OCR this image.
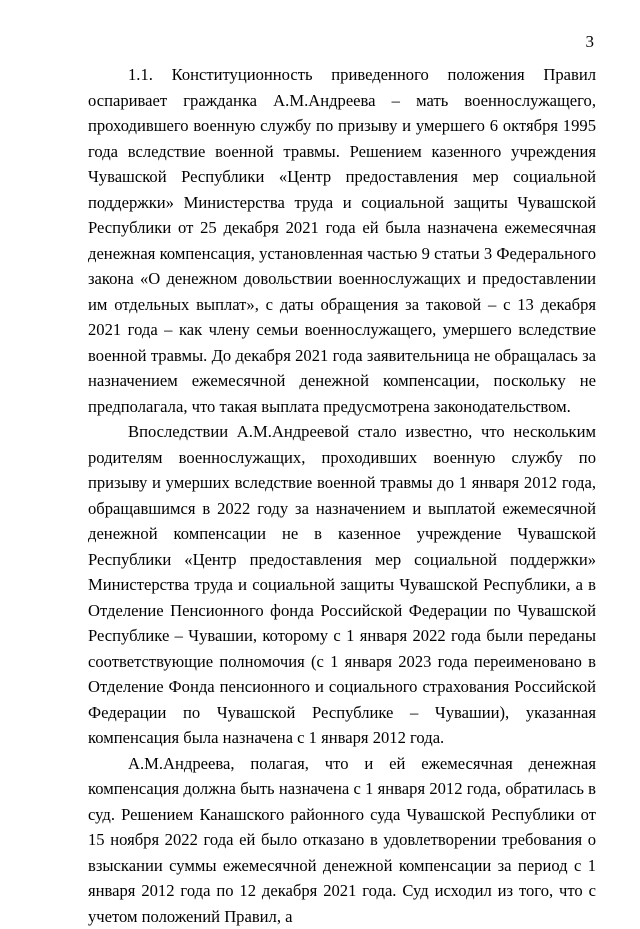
3

1.1. Конституционность приведенного положения Правил оспаривает гражданка А.М.Андреева – мать военнослужащего, проходившего военную службу по призыву и умершего 6 октября 1995 года вследствие военной травмы. Решением казенного учреждения Чувашской Республики «Центр предоставления мер социальной поддержки» Министерства труда и социальной защиты Чувашской Республики от 25 декабря 2021 года ей была назначена ежемесячная денежная компенсация, установленная частью 9 статьи 3 Федерального закона «О денежном довольствии военнослужащих и предоставлении им отдельных выплат», с даты обращения за таковой – с 13 декабря 2021 года – как члену семьи военнослужащего, умершего вследствие военной травмы. До декабря 2021 года заявительница не обращалась за назначением ежемесячной денежной компенсации, поскольку не предполагала, что такая выплата предусмотрена законодательством.

Впоследствии А.М.Андреевой стало известно, что нескольким родителям военнослужащих, проходивших военную службу по призыву и умерших вследствие военной травмы до 1 января 2012 года, обращавшимся в 2022 году за назначением и выплатой ежемесячной денежной компенсации не в казенное учреждение Чувашской Республики «Центр предоставления мер социальной поддержки» Министерства труда и социальной защиты Чувашской Республики, а в Отделение Пенсионного фонда Российской Федерации по Чувашской Республике – Чувашии, которому с 1 января 2022 года были переданы соответствующие полномочия (с 1 января 2023 года переименовано в Отделение Фонда пенсионного и социального страхования Российской Федерации по Чувашской Республике – Чувашии), указанная компенсация была назначена с 1 января 2012 года.

А.М.Андреева, полагая, что и ей ежемесячная денежная компенсация должна быть назначена с 1 января 2012 года, обратилась в суд. Решением Канашского районного суда Чувашской Республики от 15 ноября 2022 года ей было отказано в удовлетворении требования о взыскании суммы ежемесячной денежной компенсации за период с 1 января 2012 года по 12 декабря 2021 года. Суд исходил из того, что с учетом положений Правил, а
